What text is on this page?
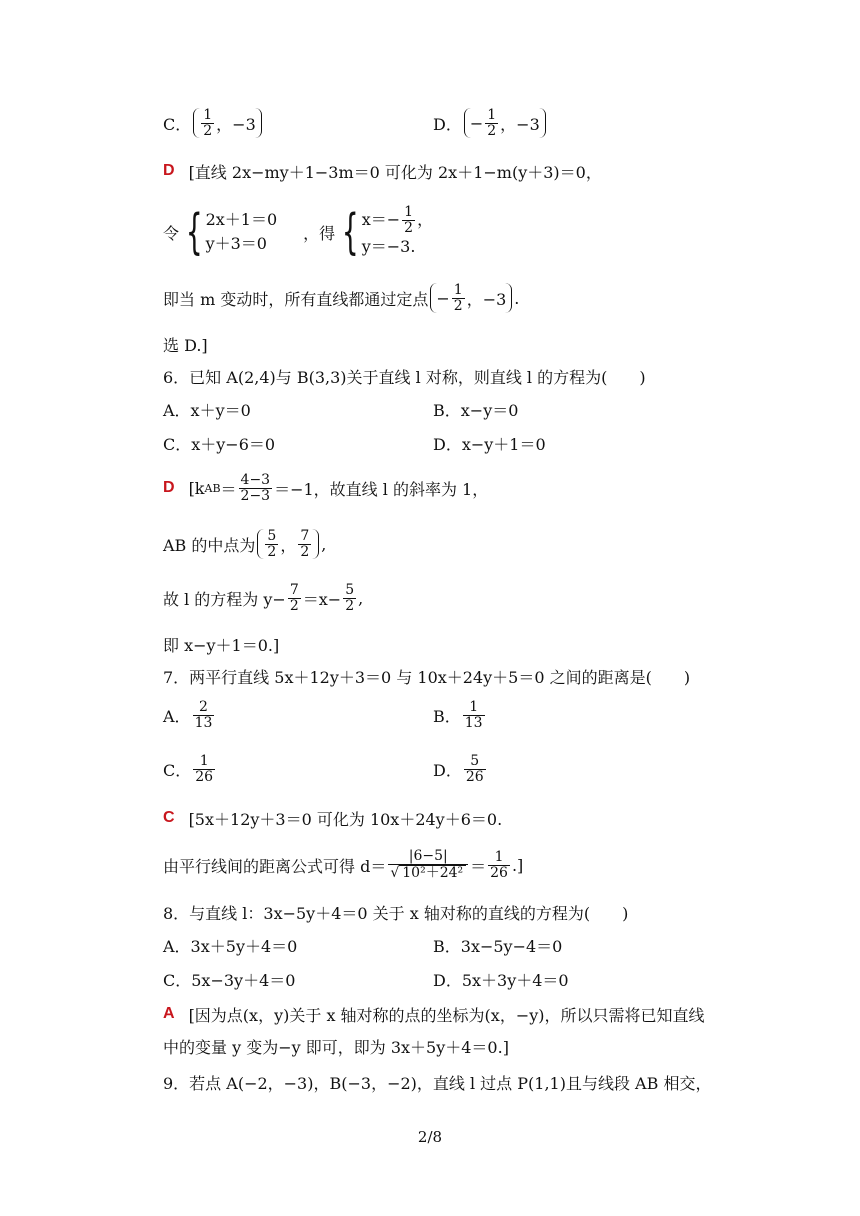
C． $\frac{1}{2}$ ，−3	D． − $\frac{1}{2}$ ，−3
D [直线 2x−my＋1−3m＝0 可化为 2x＋1−m(y＋3)＝0，
令 { 2x＋1＝0
y＋3＝0
，得 { $x=- \frac{1}{2}$ ，
y＝−3.
即当 m 变动时，所有直线都通过定点 − $\frac{1}{2}$ ，−3 .
选 D.]
6．已知 A(2,4)与 B(3,3)关于直线 l 对称，则直线 l 的方程为(　　)
A．x＋y＝0	B．x−y＝0
C．x＋y−6＝0	D．x−y＋1＝0
D [k AB ＝ $\frac{4-3}{2-3} =-1$，故直线 l 的斜率为 1，
AB 的中点为 $\frac{5}{2}$ ， $\frac{7}{2}$ ,
故 l 的方程为 $y- \frac{7}{2} =x- \frac{5}{2}$ ,
即 x−y＋1＝0.]
7．两平行直线 5x＋12y＋3＝0 与 10x＋24y＋5＝0 之间的距离是(　　)
A． $\frac{2}{13}$	B． $\frac{1}{13}$
C． $\frac{1}{26}$	D． $\frac{5}{26}$
C [5x＋12y＋3＝0 可化为 10x＋24y＋6＝0.
由平行线间的距离公式可得 $d= \frac{|6-5|}{\text{√ 10²＋24²}} = \frac{1}{26}$ .]
8．与直线 l：3x−5y＋4＝0 关于 x 轴对称的直线的方程为(　　)
A．3x＋5y＋4＝0	B．3x−5y−4＝0
C．5x−3y＋4＝0	D．5x＋3y＋4＝0
A [因为点(x，y)关于 x 轴对称的点的坐标为(x，−y)，所以只需将已知直线
中的变量 y 变为−y 即可，即为 3x＋5y＋4＝0.]
9．若点 A(−2，−3)，B(−3，−2)，直线 l 过点 P(1,1)且与线段 AB 相交，
2/8
